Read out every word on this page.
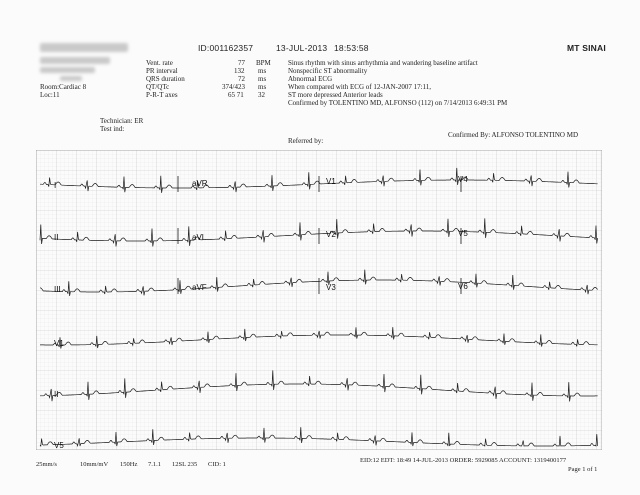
Room:Cardiac 8
Loc:11
ID:001162357	13-JUL-2013 18:53:58	MT SINAI
Vent. rate	77 BPM
PR interval	132 ms
QRS duration	72 ms
QT/QTc	374/423 ms
P-R-T axes	65 71 32
Sinus rhythm with sinus arrhythmia and wandering baseline artifact
Nonspecific ST abnormality
Abnormal ECG
When compared with ECG of 12-JAN-2007 17:11,
ST more depressed Anterior leads
Confirmed by TOLENTINO MD, ALFONSO (112) on 7/14/2013 6:49:31 PM
Technician: ER
Test ind:
Referred by:
Confirmed By: ALFONSO TOLENTINO MD
I	aVR	V1	V4
II	aVL	V2	V5
III	aVF	V3	V6
V1
II
V5
25mm/s	10mm/mV 150Hz 7.1.1 12SL 235 CID: 1
EID:12 EDT: 18:49 14-JUL-2013 ORDER: 5929085 ACCOUNT: 1319400177
Page 1 of 1
